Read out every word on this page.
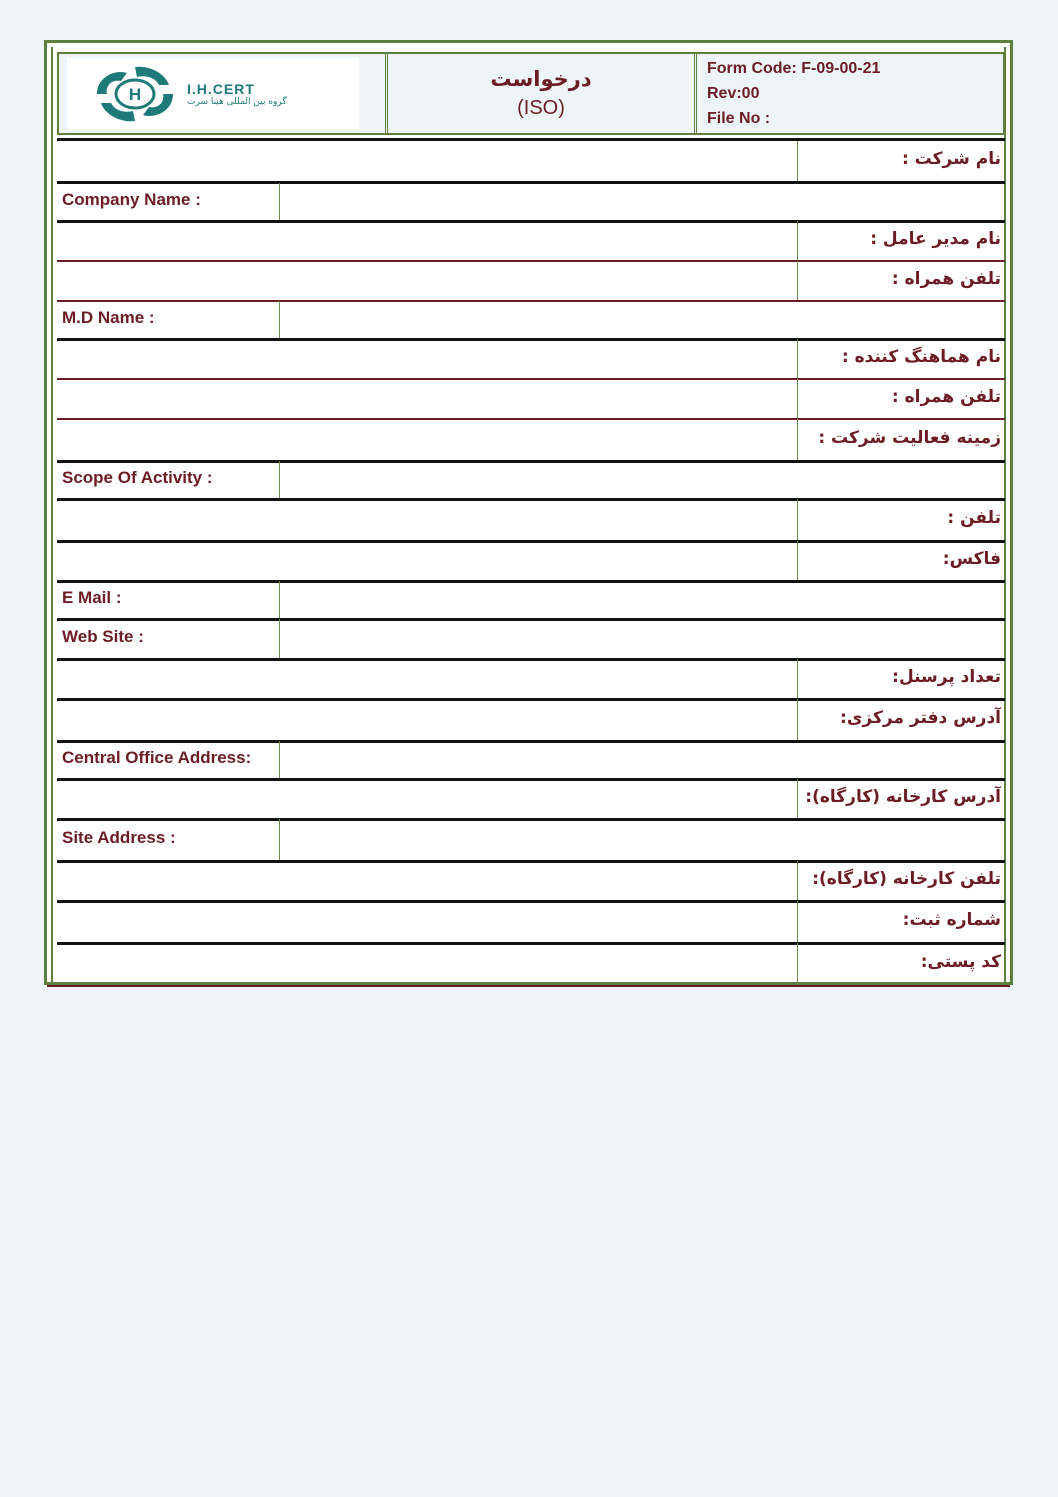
H	I.H.CERT
گروه بین المللی هینا سرت
درخواست
(ISO)
Form Code: F-09-00-21
Rev:00
File No :
نام شرکت :
Company Name :
نام مدیر عامل :
تلفن همراه :
M.D Name :
نام هماهنگ کننده :
تلفن همراه :
زمینه فعالیت شرکت :
Scope Of Activity :
تلفن :
فاکس:
E Mail :
Web Site :
تعداد پرسنل:
آدرس دفتر مرکزی:
Central Office Address:
آدرس کارخانه (کارگاه):
Site Address :
تلفن کارخانه (کارگاه):
شماره ثبت:
کد پستی:
